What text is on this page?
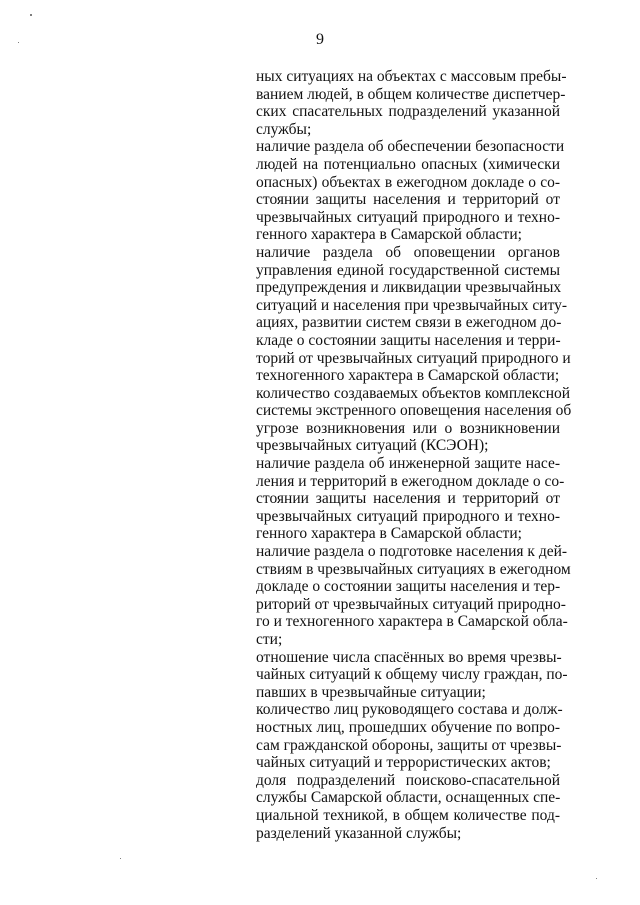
9
ных ситуациях на объектах с массовым пребы-
ванием людей, в общем количестве диспетчер-
ских спасательных подразделений указанной
службы;
наличие раздела об обеспечении безопасности
людей на потенциально опасных (химически
опасных) объектах в ежегодном докладе о со-
стоянии защиты населения и территорий от
чрезвычайных ситуаций природного и техно-
генного характера в Самарской области;
наличие раздела об оповещении органов
управления единой государственной системы
предупреждения и ликвидации чрезвычайных
ситуаций и населения при чрезвычайных ситу-
ациях, развитии систем связи в ежегодном до-
кладе о состоянии защиты населения и терри-
торий от чрезвычайных ситуаций природного и
техногенного характера в Самарской области;
количество создаваемых объектов комплексной
системы экстренного оповещения населения об
угрозе возникновения или о возникновении
чрезвычайных ситуаций (КСЭОН);
наличие раздела об инженерной защите насе-
ления и территорий в ежегодном докладе о со-
стоянии защиты населения и территорий от
чрезвычайных ситуаций природного и техно-
генного характера в Самарской области;
наличие раздела о подготовке населения к дей-
ствиям в чрезвычайных ситуациях в ежегодном
докладе о состоянии защиты населения и тер-
риторий от чрезвычайных ситуаций природно-
го и техногенного характера в Самарской обла-
сти;
отношение числа спасённых во время чрезвы-
чайных ситуаций к общему числу граждан, по-
павших в чрезвычайные ситуации;
количество лиц руководящего состава и долж-
ностных лиц, прошедших обучение по вопро-
сам гражданской обороны, защиты от чрезвы-
чайных ситуаций и террористических актов;
доля подразделений поисково-спасательной
службы Самарской области, оснащенных спе-
циальной техникой, в общем количестве под-
разделений указанной службы;
